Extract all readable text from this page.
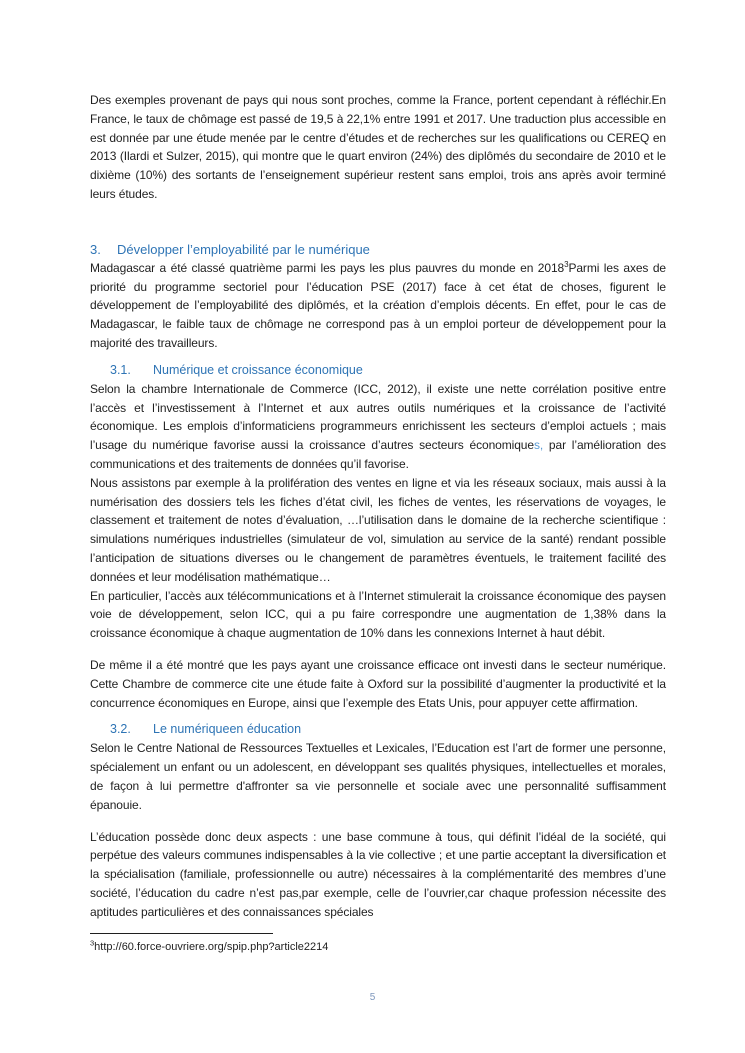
Des exemples provenant de pays qui nous sont proches, comme la France, portent cependant à réfléchir.En France, le taux de chômage est passé de 19,5 à 22,1% entre 1991 et 2017. Une traduction plus accessible en est donnée par une étude menée par le centre d’études et de recherches sur les qualifications ou CEREQ en 2013 (Ilardi et Sulzer, 2015), qui montre que le quart environ (24%) des diplômés du secondaire de 2010 et le dixième (10%) des sortants de l’enseignement supérieur restent sans emploi, trois ans après avoir terminé leurs études.

3.	Développer l’employabilité par le numérique

Madagascar a été classé quatrième parmi les pays les plus pauvres du monde en 2018$^3$Parmi les axes de priorité du programme sectoriel pour l’éducation PSE (2017) face à cet état de choses, figurent le développement de l’employabilité des diplômés, et la création d’emplois décents. En effet, pour le cas de Madagascar, le faible taux de chômage ne correspond pas à un emploi porteur de développement pour la majorité des travailleurs.

3.1.	Numérique et croissance économique

Selon la chambre Internationale de Commerce (ICC, 2012), il existe une nette corrélation positive entre l’accès et l’investissement à l’Internet et aux autres outils numériques et la croissance de l’activité économique. Les emplois d’informaticiens programmeurs enrichissent les secteurs d’emploi actuels ; mais l’usage du numérique favorise aussi la croissance d’autres secteurs économiques, par l’amélioration des communications et des traitements de données qu’il favorise.

Nous assistons par exemple à la prolifération des ventes en ligne et via les réseaux sociaux, mais aussi à la numérisation des dossiers tels les fiches d’état civil, les fiches de ventes, les réservations de voyages, le classement et traitement de notes d’évaluation, …l’utilisation dans le domaine de la recherche scientifique : simulations numériques industrielles (simulateur de vol, simulation au service de la santé) rendant possible l’anticipation de situations diverses ou le changement de paramètres éventuels, le traitement facilité des données et leur modélisation mathématique…

En particulier, l’accès aux télécommunications et à l’Internet stimulerait la croissance économique des paysen voie de développement, selon ICC, qui a pu faire correspondre une augmentation de 1,38% dans la croissance économique à chaque augmentation de 10% dans les connexions Internet à haut débit.

De même il a été montré que les pays ayant une croissance efficace ont investi dans le secteur numérique. Cette Chambre de commerce cite une étude faite à Oxford sur la possibilité d’augmenter la productivité et la concurrence économiques en Europe, ainsi que l’exemple des Etats Unis, pour appuyer cette affirmation.

3.2.	Le numériqueen éducation

Selon le Centre National de Ressources Textuelles et Lexicales, l’Education est l’art de former une personne, spécialement un enfant ou un adolescent, en développant ses qualités physiques, intellectuelles et morales, de façon à lui permettre d'affronter sa vie personnelle et sociale avec une personnalité suffisamment épanouie.

L’éducation possède donc deux aspects : une base commune à tous, qui définit l’idéal de la société, qui perpétue des valeurs communes indispensables à la vie collective ; et une partie acceptant la diversification et la spécialisation (familiale, professionnelle ou autre) nécessaires à la complémentarité des membres d’une société, l’éducation du cadre n’est pas,par exemple, celle de l’ouvrier,car chaque profession nécessite des aptitudes particulières et des connaissances spéciales

$^3$http://60.force-ouvriere.org/spip.php?article2214
5
